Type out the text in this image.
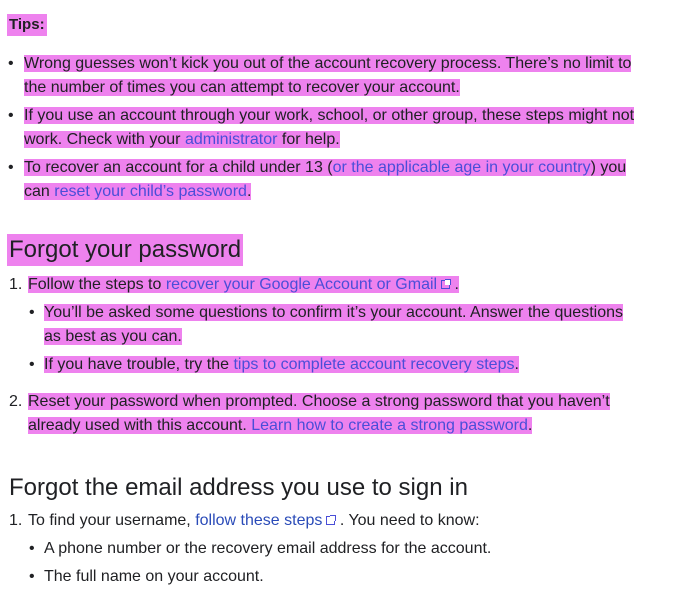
Tips:
• Wrong guesses won’t kick you out of the account recovery process. There’s no limit to
the number of times you can attempt to recover your account.
• If you use an account through your work, school, or other group, these steps might not
work. Check with your administrator for help.
• To recover an account for a child under 13 (or the applicable age in your country) you
can reset your child’s password.
Forgot your password
1. Follow the steps to recover your Google Account or Gmail .
• You’ll be asked some questions to confirm it’s your account. Answer the questions
as best as you can.
• If you have trouble, try the tips to complete account recovery steps.
2. Reset your password when prompted. Choose a strong password that you haven’t
already used with this account. Learn how to create a strong password.
Forgot the email address you use to sign in
1. To find your username, follow these steps . You need to know:
• A phone number or the recovery email address for the account.
• The full name on your account.
